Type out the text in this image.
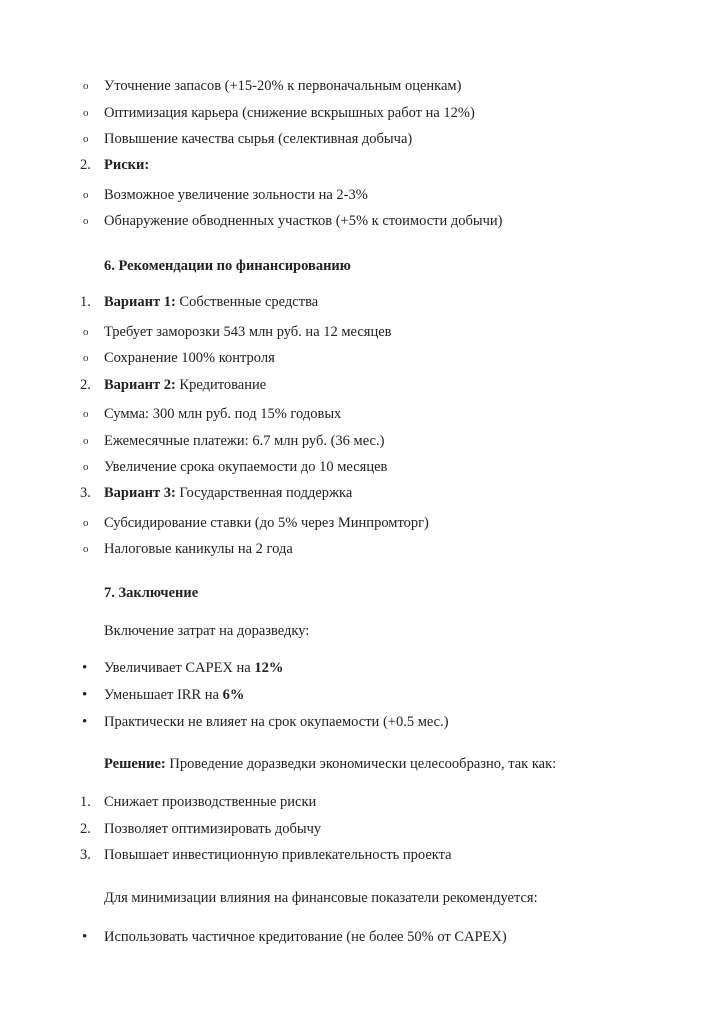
o Уточнение запасов (+15-20% к первоначальным оценкам)
o Оптимизация карьера (снижение вскрышных работ на 12%)
o Повышение качества сырья (селективная добыча)
2. Риски:
o Возможное увеличение зольности на 2-3%
o Обнаружение обводненных участков (+5% к стоимости добычи)
6. Рекомендации по финансированию
1. Вариант 1: Собственные средства
o Требует заморозки 543 млн руб. на 12 месяцев
o Сохранение 100% контроля
2. Вариант 2: Кредитование
o Сумма: 300 млн руб. под 15% годовых
o Ежемесячные платежи: 6.7 млн руб. (36 мес.)
o Увеличение срока окупаемости до 10 месяцев
3. Вариант 3: Государственная поддержка
o Субсидирование ставки (до 5% через Минпромторг)
o Налоговые каникулы на 2 года
7. Заключение
Включение затрат на доразведку:
• Увеличивает CAPEX на 12%
• Уменьшает IRR на 6%
• Практически не влияет на срок окупаемости (+0.5 мес.)
Решение: Проведение доразведки экономически целесообразно, так как:
1. Снижает производственные риски
2. Позволяет оптимизировать добычу
3. Повышает инвестиционную привлекательность проекта
Для минимизации влияния на финансовые показатели рекомендуется:
• Использовать частичное кредитование (не более 50% от CAPEX)
